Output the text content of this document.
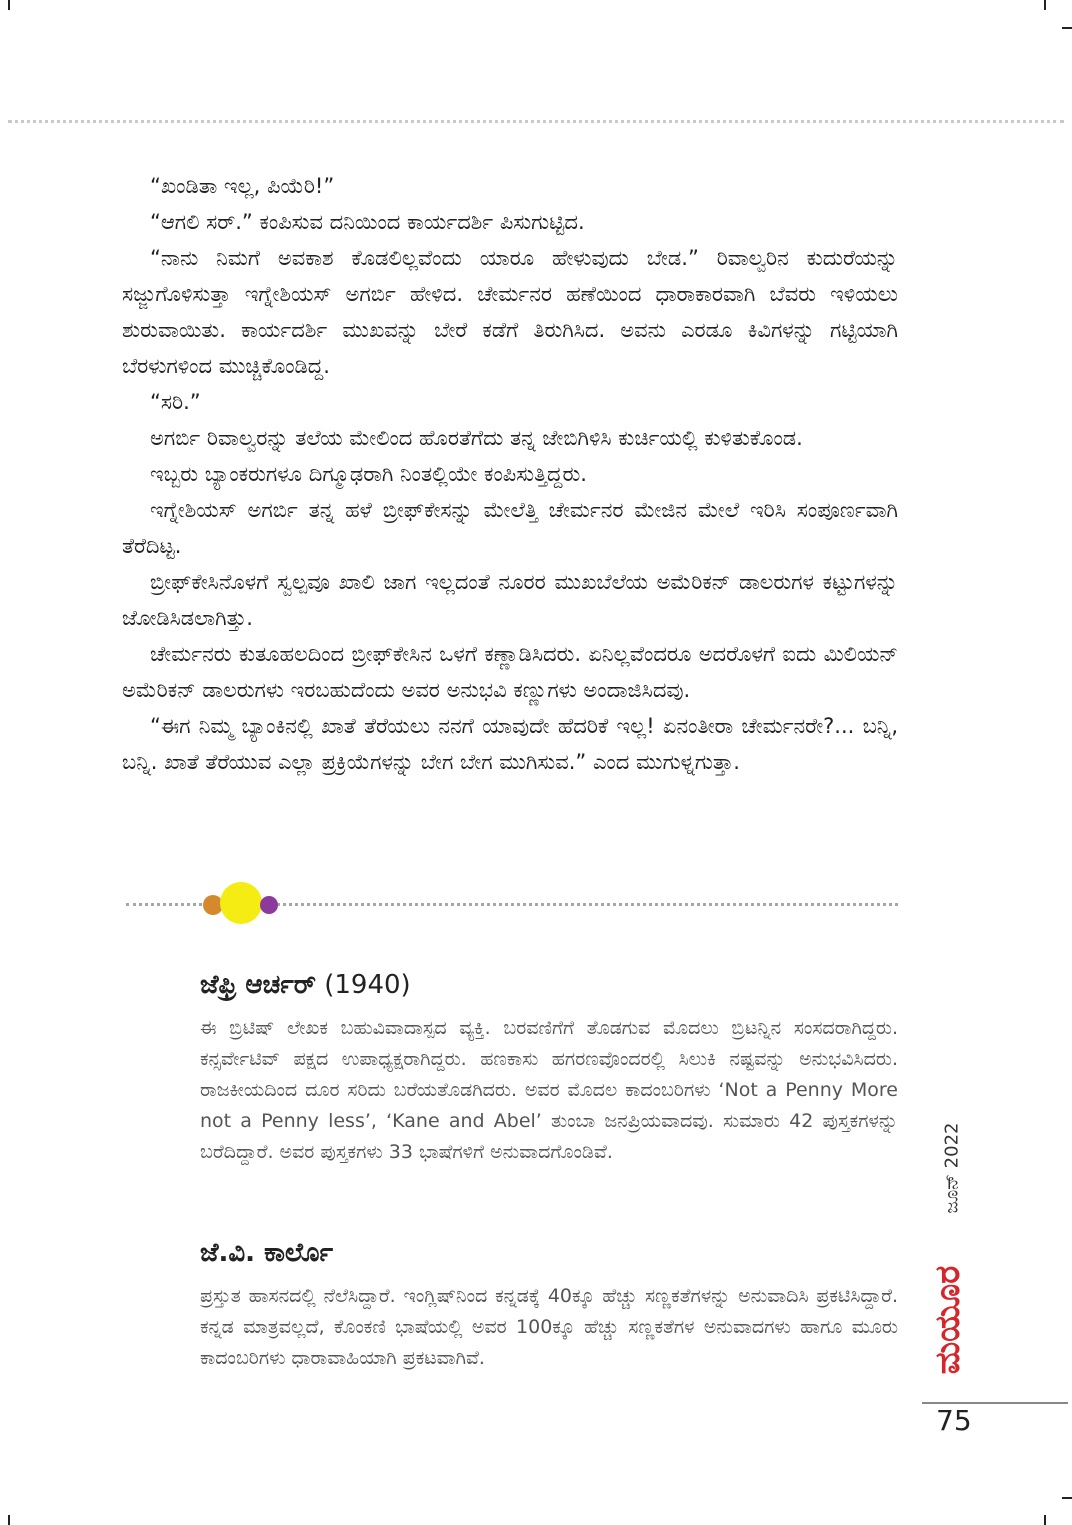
“ಖಂಡಿತಾ ಇಲ್ಲ, ಪಿಯೆರಿ!”

“ಆಗಲಿ ಸರ್.” ಕಂಪಿಸುವ ದನಿಯಿಂದ ಕಾರ್ಯದರ್ಶಿ ಪಿಸುಗುಟ್ಟಿದ.

“ನಾನು ನಿಮಗೆ ಅವಕಾಶ ಕೊಡಲಿಲ್ಲವೆಂದು ಯಾರೂ ಹೇಳುವುದು ಬೇಡ.” ರಿವಾಲ್ವರಿನ ಕುದುರೆಯನ್ನು ಸಜ್ಜುಗೊಳಿಸುತ್ತಾ ಇಗ್ನೇಶಿಯಸ್ ಅಗರ್ಬಿ ಹೇಳಿದ. ಚೇರ್ಮನರ ಹಣೆಯಿಂದ ಧಾರಾಕಾರವಾಗಿ ಬೆವರು ಇಳಿಯಲು ಶುರುವಾಯಿತು. ಕಾರ್ಯದರ್ಶಿ ಮುಖವನ್ನು ಬೇರೆ ಕಡೆಗೆ ತಿರುಗಿಸಿದ. ಅವನು ಎರಡೂ ಕಿವಿಗಳನ್ನು ಗಟ್ಟಿಯಾಗಿ ಬೆರಳುಗಳಿಂದ ಮುಚ್ಚಿಕೊಂಡಿದ್ದ.

“ಸರಿ.”

ಅಗರ್ಬಿ ರಿವಾಲ್ವರನ್ನು ತಲೆಯ ಮೇಲಿಂದ ಹೊರತೆಗೆದು ತನ್ನ ಜೇಬಿಗಿಳಿಸಿ ಕುರ್ಚಿಯಲ್ಲಿ ಕುಳಿತುಕೊಂಡ.

ಇಬ್ಬರು ಬ್ಯಾಂಕರುಗಳೂ ದಿಗ್ಮೂಢರಾಗಿ ನಿಂತಲ್ಲಿಯೇ ಕಂಪಿಸುತ್ತಿದ್ದರು.

ಇಗ್ನೇಶಿಯಸ್ ಅಗರ್ಬಿ ತನ್ನ ಹಳೆ ಬ್ರೀಫ್‌ಕೇಸನ್ನು ಮೇಲೆತ್ತಿ ಚೇರ್ಮನರ ಮೇಜಿನ ಮೇಲೆ ಇರಿಸಿ ಸಂಪೂರ್ಣವಾಗಿ ತೆರೆದಿಟ್ಟ.

ಬ್ರೀಫ್‌ಕೇಸಿನೊಳಗೆ ಸ್ವಲ್ಪವೂ ಖಾಲಿ ಜಾಗ ಇಲ್ಲದಂತೆ ನೂರರ ಮುಖಬೆಲೆಯ ಅಮೆರಿಕನ್ ಡಾಲರುಗಳ ಕಟ್ಟುಗಳನ್ನು ಜೋಡಿಸಿಡಲಾಗಿತ್ತು.

ಚೇರ್ಮನರು ಕುತೂಹಲದಿಂದ ಬ್ರೀಫ್‌ಕೇಸಿನ ಒಳಗೆ ಕಣ್ಣಾಡಿಸಿದರು. ಏನಿಲ್ಲವೆಂದರೂ ಅದರೊಳಗೆ ಐದು ಮಿಲಿಯನ್ ಅಮೆರಿಕನ್ ಡಾಲರುಗಳು ಇರಬಹುದೆಂದು ಅವರ ಅನುಭವಿ ಕಣ್ಣುಗಳು ಅಂದಾಜಿಸಿದವು.

“ಈಗ ನಿಮ್ಮ ಬ್ಯಾಂಕಿನಲ್ಲಿ ಖಾತೆ ತೆರೆಯಲು ನನಗೆ ಯಾವುದೇ ಹೆದರಿಕೆ ಇಲ್ಲ! ಏನಂತೀರಾ ಚೇರ್ಮನರೇ?... ಬನ್ನಿ, ಬನ್ನಿ. ಖಾತೆ ತೆರೆಯುವ ಎಲ್ಲಾ ಪ್ರಕ್ರಿಯೆಗಳನ್ನು ಬೇಗ ಬೇಗ ಮುಗಿಸುವ.” ಎಂದ ಮುಗುಳ್ನಗುತ್ತಾ.

ಜೆಫ್ರಿ ಆರ್ಚರ್ (1940)

ಈ ಬ್ರಿಟಿಷ್ ಲೇಖಕ ಬಹುವಿವಾದಾಸ್ಪದ ವ್ಯಕ್ತಿ. ಬರವಣಿಗೆಗೆ ತೊಡಗುವ ಮೊದಲು ಬ್ರಿಟನ್ನಿನ ಸಂಸದರಾಗಿದ್ದರು. ಕನ್ಸರ್ವೇಟಿವ್ ಪಕ್ಷದ ಉಪಾಧ್ಯಕ್ಷರಾಗಿದ್ದರು. ಹಣಕಾಸು ಹಗರಣವೊಂದರಲ್ಲಿ ಸಿಲುಕಿ ನಷ್ಟವನ್ನು ಅನುಭವಿಸಿದರು. ರಾಜಕೀಯದಿಂದ ದೂರ ಸರಿದು ಬರೆಯತೊಡಗಿದರು. ಅವರ ಮೊದಲ ಕಾದಂಬರಿಗಳು ‘Not a Penny More not a Penny less’, ‘Kane and Abel’ ತುಂಬಾ ಜನಪ್ರಿಯವಾದವು. ಸುಮಾರು 42 ಪುಸ್ತಕಗಳನ್ನು ಬರೆದಿದ್ದಾರೆ. ಅವರ ಪುಸ್ತಕಗಳು 33 ಭಾಷೆಗಳಿಗೆ ಅನುವಾದಗೊಂಡಿವೆ.

ಜೆ.ವಿ. ಕಾರ್ಲೊ

ಪ್ರಸ್ತುತ ಹಾಸನದಲ್ಲಿ ನೆಲೆಸಿದ್ದಾರೆ. ಇಂಗ್ಲಿಷ್‌ನಿಂದ ಕನ್ನಡಕ್ಕೆ 40ಕ್ಕೂ ಹೆಚ್ಚು ಸಣ್ಣಕತೆಗಳನ್ನು ಅನುವಾದಿಸಿ ಪ್ರಕಟಿಸಿದ್ದಾರೆ. ಕನ್ನಡ ಮಾತ್ರವಲ್ಲದೆ, ಕೊಂಕಣಿ ಭಾಷೆಯಲ್ಲಿ ಅವರ 100ಕ್ಕೂ ಹೆಚ್ಚು ಸಣ್ಣಕತೆಗಳ ಅನುವಾದಗಳು ಹಾಗೂ ಮೂರು ಕಾದಂಬರಿಗಳು ಧಾರಾವಾಹಿಯಾಗಿ ಪ್ರಕಟವಾಗಿವೆ.

ಜೂನ್ 2022
ಮಯೂರ
75
